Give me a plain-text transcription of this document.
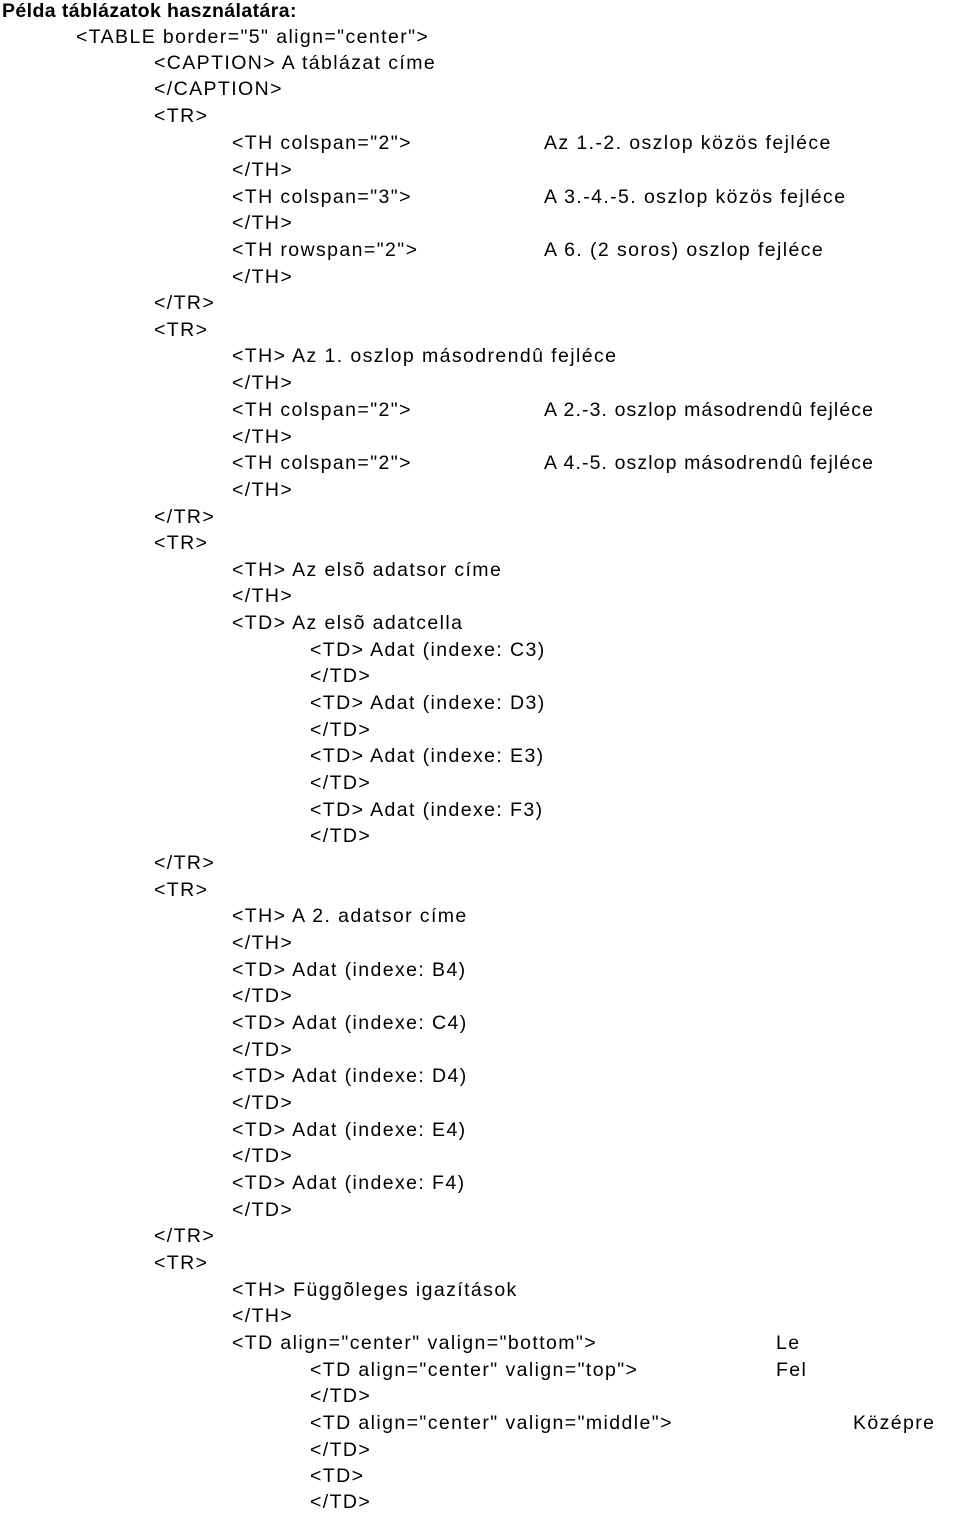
Példa táblázatok használatára:
<TABLE border="5" align="center">
<CAPTION> A táblázat címe
</CAPTION>
<TR>
<TH colspan="2">	Az 1.-2. oszlop közös fejléce
</TH>
<TH colspan="3">	A 3.-4.-5. oszlop közös fejléce
</TH>
<TH rowspan="2">	A 6. (2 soros) oszlop fejléce
</TH>
</TR>
<TR>
<TH> Az 1. oszlop másodrendû fejléce
</TH>
<TH colspan="2">	A 2.-3. oszlop másodrendû fejléce
</TH>
<TH colspan="2">	A 4.-5. oszlop másodrendû fejléce
</TH>
</TR>
<TR>
<TH> Az elsõ adatsor címe
</TH>
<TD> Az elsõ adatcella
<TD> Adat (indexe: C3)
</TD>
<TD> Adat (indexe: D3)
</TD>
<TD> Adat (indexe: E3)
</TD>
<TD> Adat (indexe: F3)
</TD>
</TR>
<TR>
<TH> A 2. adatsor címe
</TH>
<TD> Adat (indexe: B4)
</TD>
<TD> Adat (indexe: C4)
</TD>
<TD> Adat (indexe: D4)
</TD>
<TD> Adat (indexe: E4)
</TD>
<TD> Adat (indexe: F4)
</TD>
</TR>
<TR>
<TH> Függõleges igazítások
</TH>
<TD align="center" valign="bottom">	Le
<TD align="center" valign="top">	Fel
</TD>
<TD align="center" valign="middle">	Középre
</TD>
<TD>
</TD>
